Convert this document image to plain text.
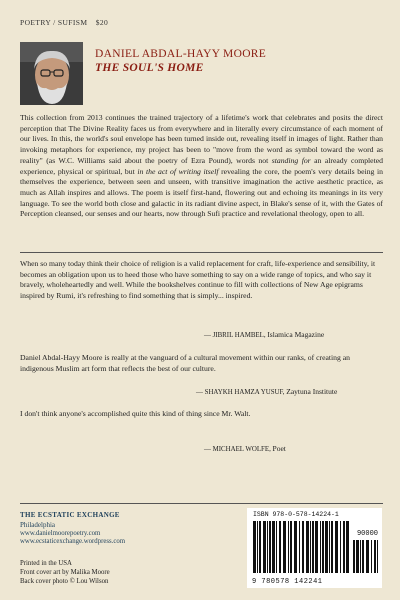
POETRY / SUFISM $20
DANIEL ABDAL-HAYY MOORE
THE SOUL'S HOME

This collection from 2013 continues the trained trajectory of a lifetime's work that celebrates and posits the direct perception that The Divine Reality faces us from everywhere and in literally every circumstance of each moment of our lives. In this, the world's soul envelope has been turned inside out, revealing itself in images of light. Rather than invoking metaphors for experience, my project has been to "move from the word as symbol toward the word as reality" (as W.C. Williams said about the poetry of Ezra Pound), words not standing for an already completed experience, physical or spiritual, but in the act of writing itself revealing the core, the poem's very details being in themselves the experience, between seen and unseen, with transitive imagination the active aesthetic practice, as much as Allah inspires and allows. The poem is itself first-hand, flowering out and echoing its meanings in its very language. To see the world both close and galactic in its radiant divine aspect, in Blake's sense of it, with the Gates of Perception cleansed, our senses and our hearts, now through Sufi practice and revelational theology, open to all.

When so many today think their choice of religion is a valid replacement for craft, life-experience and sensibility, it becomes an obligation upon us to heed those who have something to say on a wide range of topics, and who say it bravely, wholeheartedly and well. While the bookshelves continue to fill with collections of New Age epigrams inspired by Rumi, it's refreshing to find something that is simply... inspired.

— JIBRIL HAMBEL, Islamica Magazine

Daniel Abdal-Hayy Moore is really at the vanguard of a cultural movement within our ranks, of creating an indigenous Muslim art form that reflects the best of our culture.

— SHAYKH HAMZA YUSUF, Zaytuna Institute

I don't think anyone's accomplished quite this kind of thing since Mr. Walt.

— MICHAEL WOLFE, Poet
THE ECSTATIC EXCHANGE
Philadelphia
www.danielmoorepoetry.com
www.ecstaticexchange.wordpress.com
Printed in the USA
Front cover art by Malika Moore
Back cover photo © Lou Wilson
ISBN 978-0-578-14224-1
90000
9 780578 142241
